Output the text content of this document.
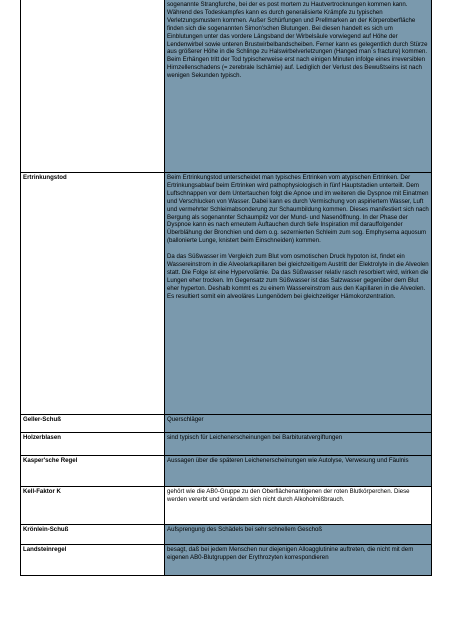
	sogenannte Strangfurche, bei der es post mortem zu Hautvertrocknungen kommen kann. Während des Todeskampfes kann es durch generalisierte Krämpfe zu typischen Verletzungsmustern kommen. Außer Schürfungen und Prellmarken an der Körperoberfläche finden sich die sogenannten Simon'schen Blutungen. Bei diesen handelt es sich um Einblutungen unter das vordere Längsband der Wirbelsäule vorwiegend auf Höhe der Lendenwirbel sowie unteren Brustwirbelbandscheiben. Ferner kann es gelegentlich durch Stürze aus größerer Höhe in die Schlinge zu Halswirbelverletzungen (Hanged man´s fracture) kommen. Beim Erhängen tritt der Tod typischerweise erst nach einigen Minuten infolge eines irreversiblen Hirnzellenschadens (= zerebrale Ischämie) auf. Lediglich der Verlust des Bewußtseins ist nach wenigen Sekunden typisch.

Ertrinkungstod	Beim Ertrinkungstod unterscheidet man typisches Ertrinken vom atypischen Ertrinken. Der Ertrinkungsablauf beim Ertrinken wird pathophysiologisch in fünf Hauptstadien unterteilt. Dem Luftschnappen vor dem Untertauchen folgt die Apnoe und im weiteren die Dyspnoe mit Einatmen und Verschlucken von Wasser. Dabei kann es durch Vermischung von aspiriertem Wasser, Luft und vermehrter Schleimabsonderung zur Schaumbildung kommen. Dieses manifestiert sich nach Bergung als sogenannter Schaumpilz vor der Mund- und Nasenöffnung. In der Phase der Dyspnoe kann es nach erneutem Auftauchen durch tiefe Inspiration mit darauffolgender Überblähung der Bronchien und dem o.g. sezernierten Schleim zum sog. Emphysema aquosum (ballonierte Lunge, knistert beim Einschneiden) kommen.

Da das Süßwasser im Vergleich zum Blut vom osmotischen Druck hypoton ist, findet ein Wassereinstrom in die Alveolarkapillaren bei gleichzeitigem Austritt der Elektrolyte in die Alveolen statt. Die Folge ist eine Hypervolämie. Da das Süßwasser relativ rasch resorbiert wird, wirken die Lungen eher trocken. Im Gegensatz zum Süßwasser ist das Salzwasser gegenüber dem Blut eher hyperton. Deshalb kommt es zu einem Wassereinstrom aus den Kapillaren in die Alveolen. Es resultiert somit ein alveoläres Lungenödem bei gleichzeitiger Hämokonzentration.

Geller-Schuß	Querschläger

Holzerblasen	sind typisch für Leichenerscheinungen bei Barbituratvergiftungen

Kasper'sche Regel	Aussagen über die späteren Leichenerscheinungen wie Autolyse, Verwesung und Fäulnis

Kell-Faktor K	gehört wie die AB0-Gruppe zu den Oberflächenantigenen der roten Blutkörperchen. Diese werden vererbt und verändern sich nicht durch Alkoholmißbrauch.

Krönlein-Schuß	Aufsprengung des Schädels bei sehr schnellem Geschoß

Landsteinregel	besagt, daß bei jedem Menschen nur diejenigen Alloagglutinine auftreten, die nicht mit dem eigenen AB0-Blutgruppen der Erythrozyten korrespondieren
